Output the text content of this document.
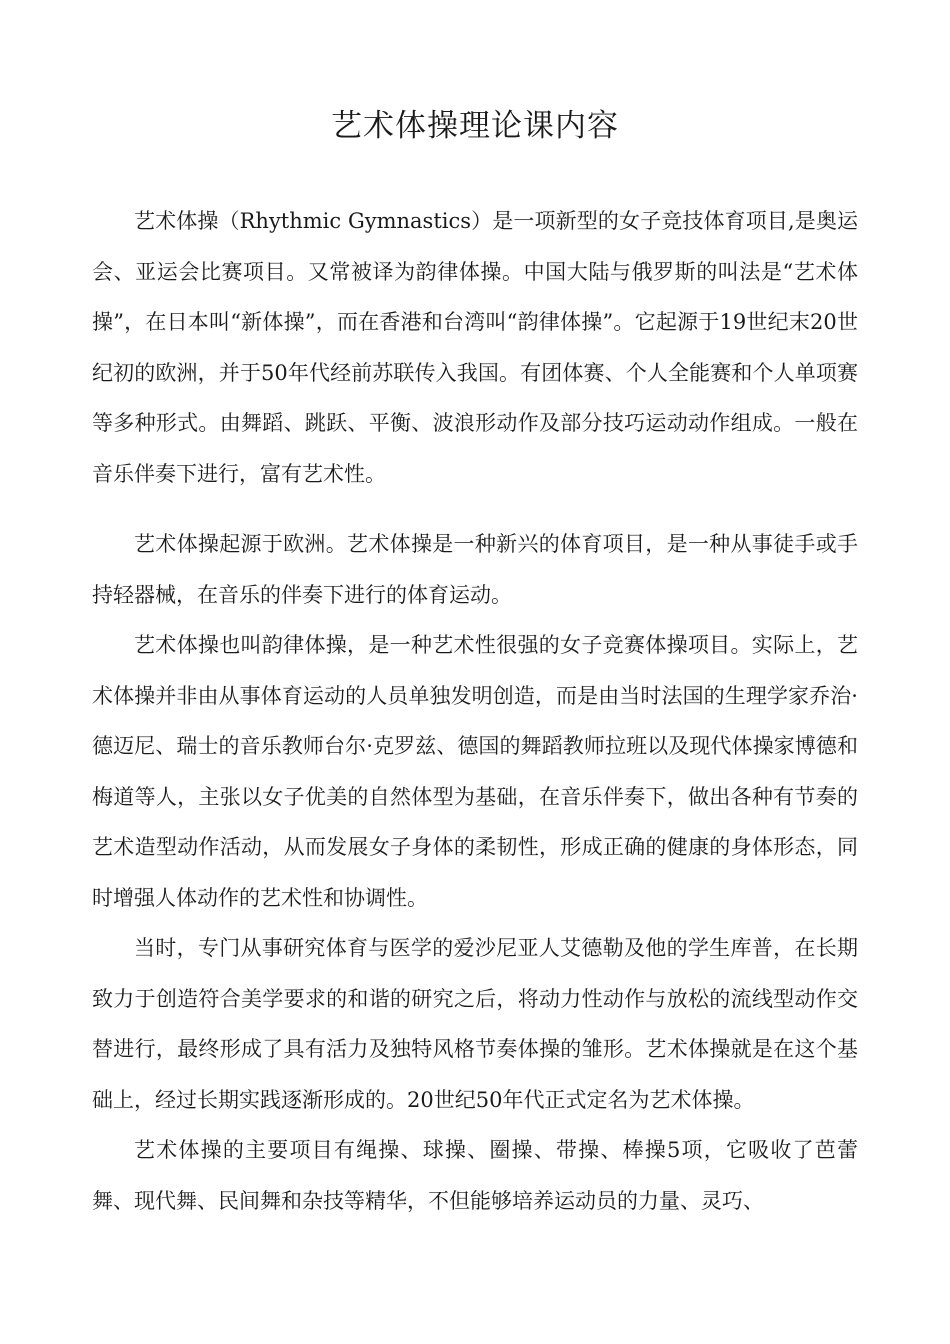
艺术体操理论课内容

艺术体操（Rhythmic Gymnastics）是一项新型的女子竞技体育项目,是奥运会、亚运会比赛项目。又常被译为韵律体操。中国大陆与俄罗斯的叫法是“艺术体操”，在日本叫“新体操”，而在香港和台湾叫“韵律体操”。它起源于19世纪末20世纪初的欧洲，并于50年代经前苏联传入我国。有团体赛、个人全能赛和个人单项赛等多种形式。由舞蹈、跳跃、平衡、波浪形动作及部分技巧运动动作组成。一般在音乐伴奏下进行，富有艺术性。

艺术体操起源于欧洲。艺术体操是一种新兴的体育项目，是一种从事徒手或手持轻器械，在音乐的伴奏下进行的体育运动。

艺术体操也叫韵律体操，是一种艺术性很强的女子竞赛体操项目。实际上，艺术体操并非由从事体育运动的人员单独发明创造，而是由当时法国的生理学家乔治·德迈尼、瑞士的音乐教师台尔·克罗兹、德国的舞蹈教师拉班以及现代体操家博德和梅道等人，主张以女子优美的自然体型为基础，在音乐伴奏下，做出各种有节奏的艺术造型动作活动，从而发展女子身体的柔韧性，形成正确的健康的身体形态，同时增强人体动作的艺术性和协调性。

当时，专门从事研究体育与医学的爱沙尼亚人艾德勒及他的学生库普，在长期致力于创造符合美学要求的和谐的研究之后，将动力性动作与放松的流线型动作交替进行，最终形成了具有活力及独特风格节奏体操的雏形。艺术体操就是在这个基础上，经过长期实践逐渐形成的。20世纪50年代正式定名为艺术体操。

艺术体操的主要项目有绳操、球操、圈操、带操、棒操5项，它吸收了芭蕾舞、现代舞、民间舞和杂技等精华，不但能够培养运动员的力量、灵巧、
